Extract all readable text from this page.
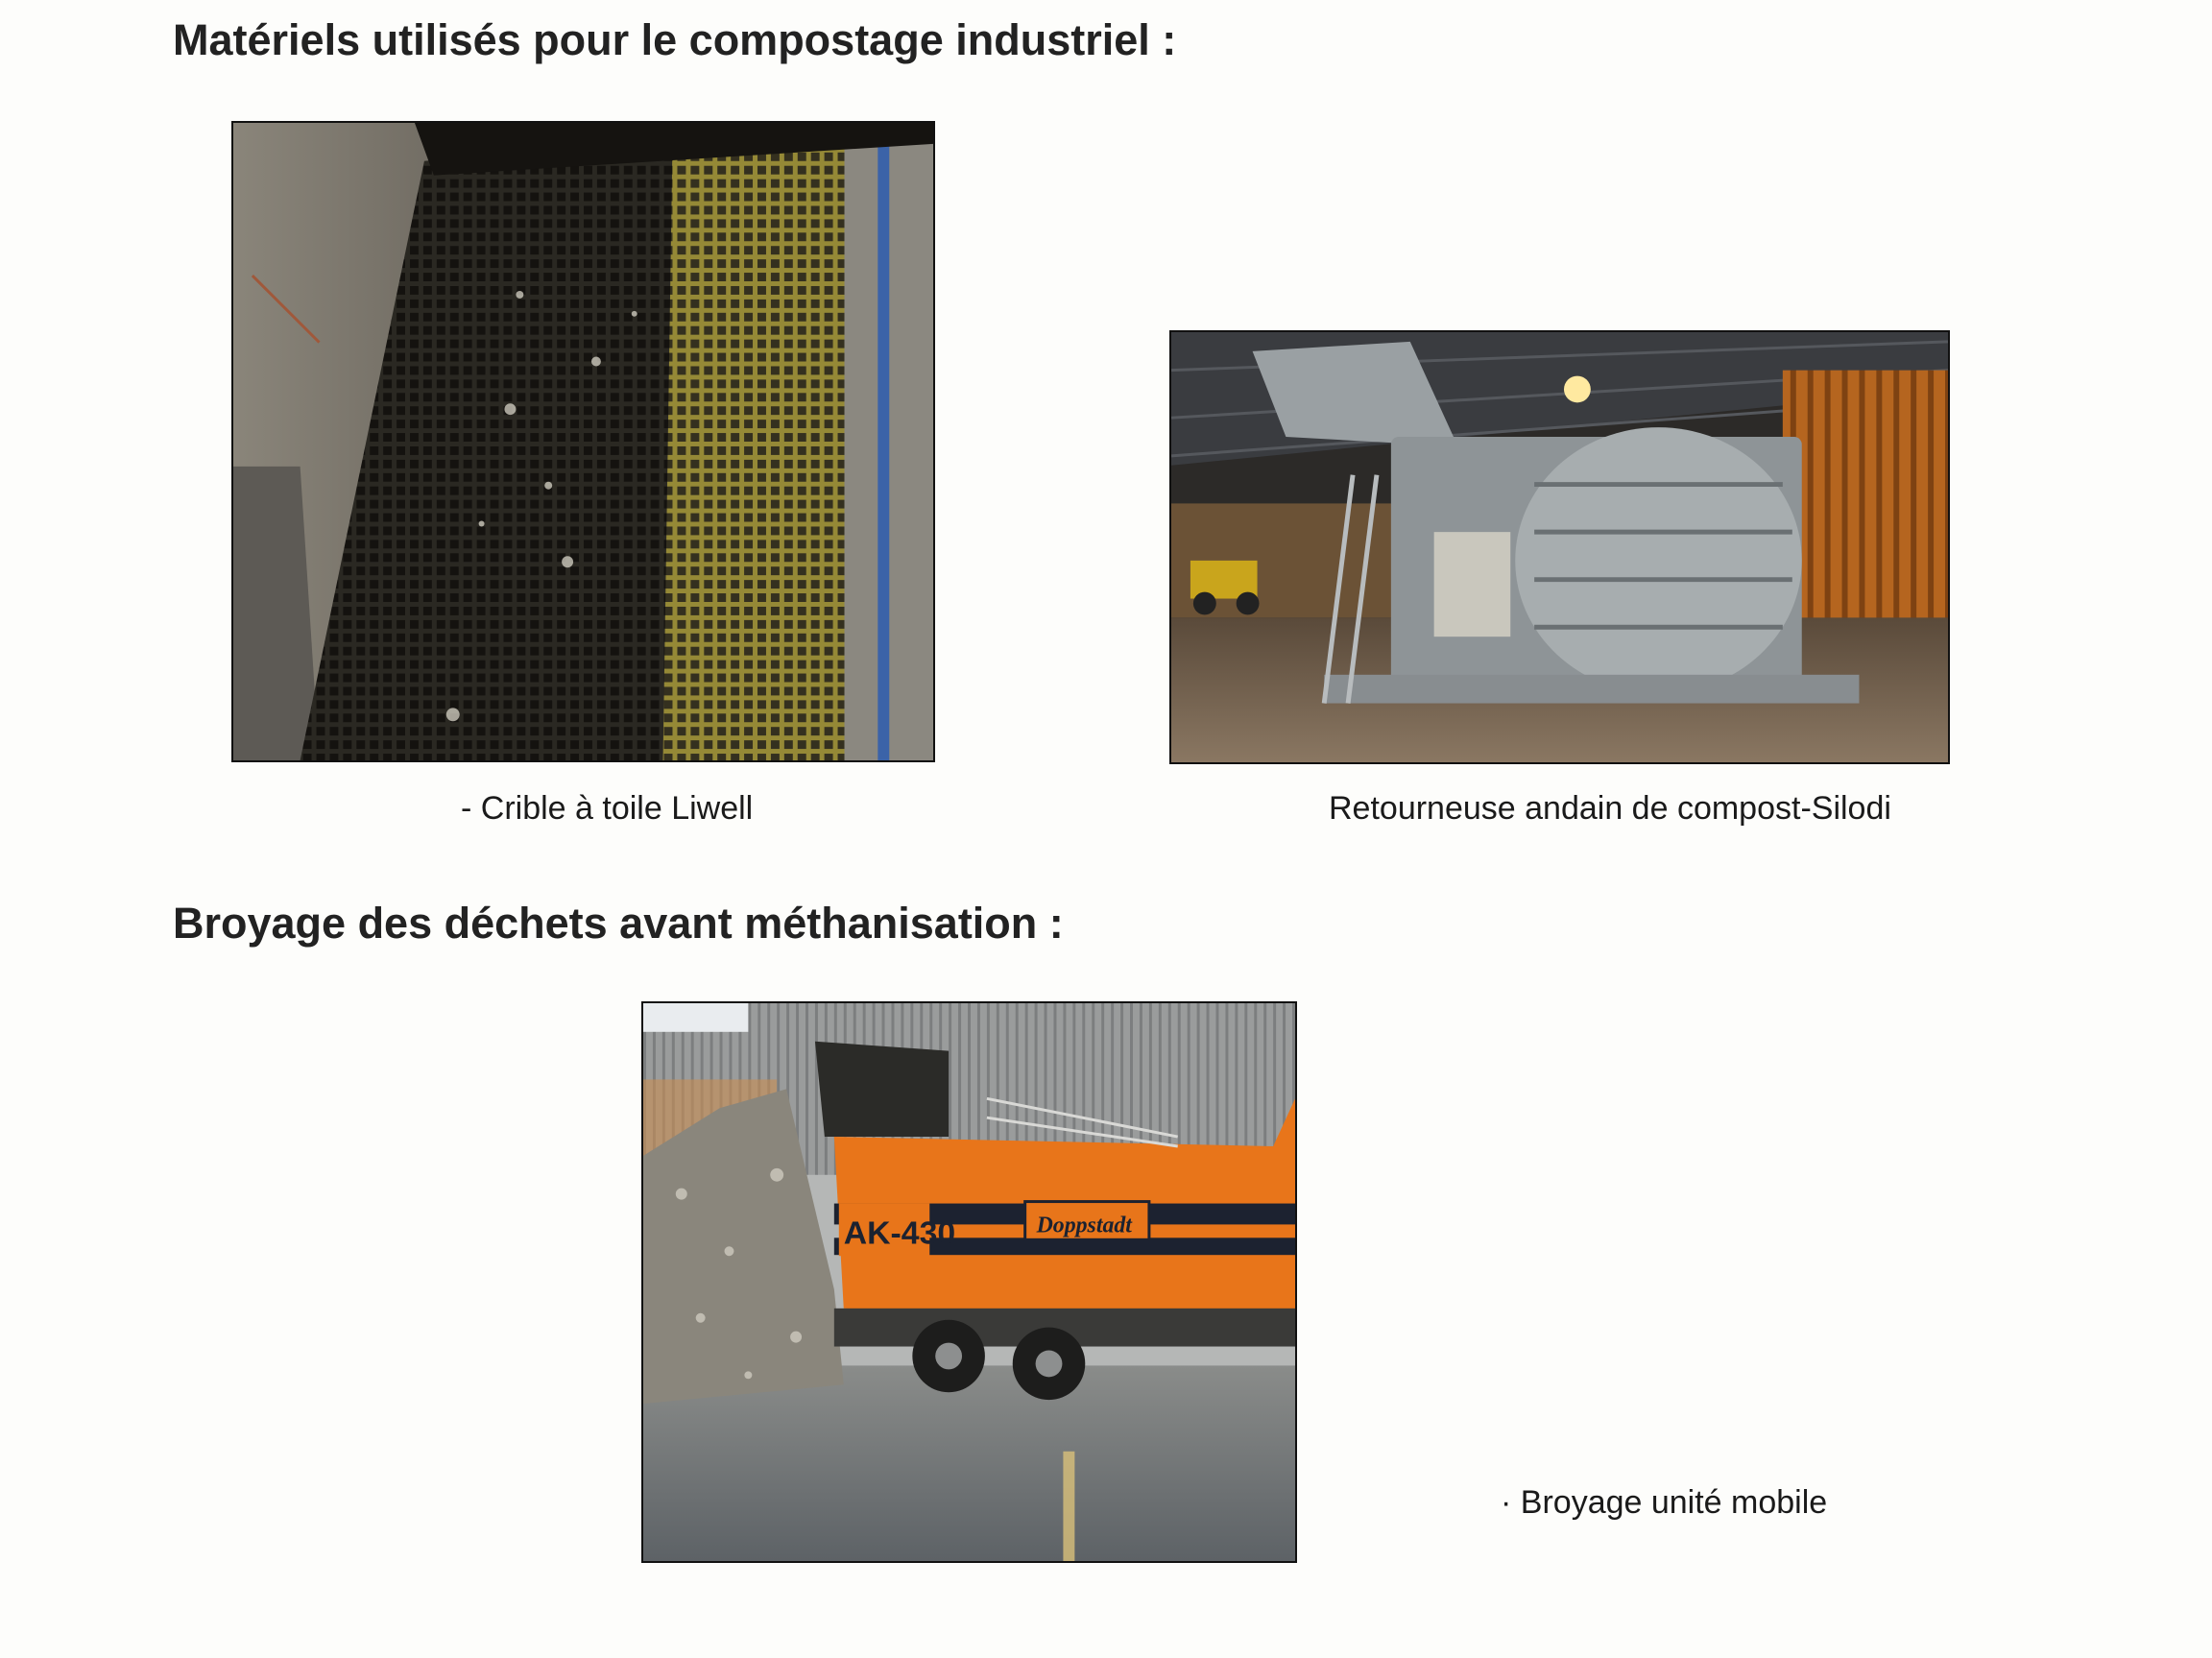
Matériels utilisés pour le compostage industriel :
- Crible à toile Liwell	Retourneuse andain de compost-Silodi
Broyage des déchets avant méthanisation :
AK-430	Doppstadt
· Broyage unité mobile
